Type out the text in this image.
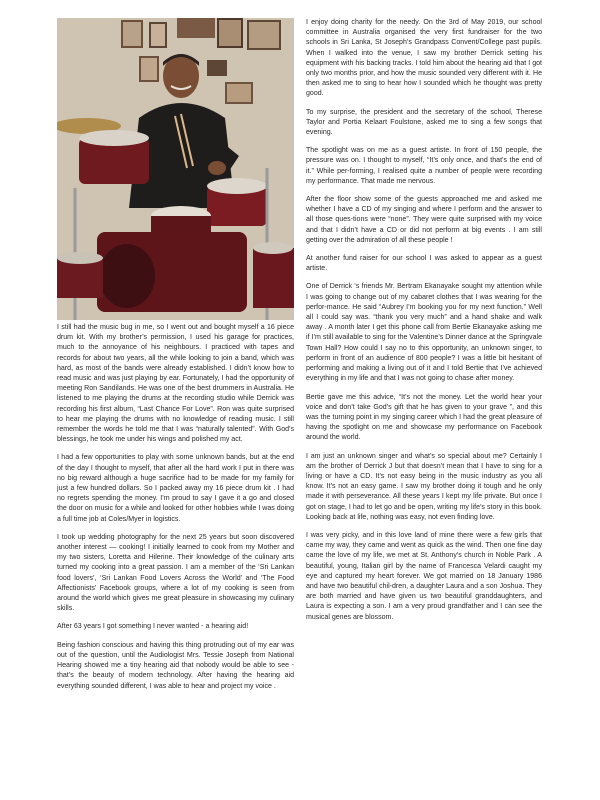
I still had the music bug in me, so I went out and bought myself a 16 piece drum kit. With my brother’s permission, I used his garage for practices, much to the annoyance of his neighbours. I practiced with tapes and records for about two years, all the while looking to join a band, which was hard, as most of the bands were already established. I didn’t know how to read music and was just playing by ear. Fortunately, I had the opportunity of meeting Ron Sandilands. He was one of the best drummers in Australia. He listened to me playing the drums at the recording studio while Derrick was recording his first album, “Last Chance For Love”. Ron was quite surprised to hear me playing the drums with no knowledge of reading music. I still remember the words he told me that I was “naturally talented”. With God’s blessings, he took me under his wings and polished my act.

I had a few opportunities to play with some unknown bands, but at the end of the day I thought to myself, that after all the hard work I put in there was no big reward although a huge sacrifice had to be made for my family for just a few hundred dollars. So I packed away my 16 piece drum kit . I had no regrets spending the money. I’m proud to say I gave it a go and closed the door on music for a while and looked for other hobbies while I was doing a full time job at Coles/Myer in logistics.

I took up wedding photography for the next 25 years but soon discovered another interest — cooking! I initially learned to cook from my Mother and my two sisters, Loretta and Hilerine. Their knowledge of the culinary arts turned my cooking into a great passion. I am a member of the ‘Sri Lankan food lovers’, ‘Sri Lankan Food Lovers Across the World’ and ‘The Food Affectionists’ Facebook groups, where a lot of my cooking is seen from around the world which gives me great pleasure in showcasing my culinary skills.

After 63 years I got something I never wanted - a hearing aid!

Being fashion conscious and having this thing protruding out of my ear was out of the question, until the Audiologist Mrs. Tessie Joseph from National Hearing showed me a tiny hearing aid that nobody would be able to see - that’s the beauty of modern technology. After having the hearing aid everything sounded different, I was able to hear and project my voice .

I enjoy doing charity for the needy. On the 3rd of May 2019, our school committee in Australia organised the very first fundraiser for the two schools in Sri Lanka, St Joseph’s Grandpass Convent/College past pupils. When I walked into the venue, I saw my brother Derrick setting his equipment with his backing tracks. I told him about the hearing aid that I got only two months prior, and how the music sounded very different with it. He then asked me to sing to hear how I sounded which he thought was pretty good.

To my surprise, the president and the secretary of the school, Therese Taylor and Portia Kelaart Foulstone, asked me to sing a few songs that evening.

The spotlight was on me as a guest artiste. In front of 150 people, the pressure was on. I thought to myself, “It’s only once, and that’s the end of it.” While per-forming, I realised quite a number of people were recording my performance. That made me nervous.

After the floor show some of the guests approached me and asked me whether I have a CD of my singing and where I perform and the answer to all those ques-tions were “none”. They were quite surprised with my voice and that I didn’t have a CD or did not perform at big events . I am still getting over the admiration of all these people !

At another fund raiser for our school I was asked to appear as a guest artiste.

One of Derrick ‘s friends Mr. Bertram Ekanayake sought my attention while I was going to change out of my cabaret clothes that I was wearing for the perfor-mance. He said “Aubrey I’m booking you for my next function.” Well all I could say was. “thank you very much” and a hand shake and walk away . A month later I get this phone call from Bertie Ekanayake asking me if I’m still available to sing for the Valentine’s Dinner dance at the Springvale Town Hall? How could I say no to this opportunity, an unknown singer, to perform in front of an audience of 800 people? I was a little bit hesitant of performing and making a living out of it and I told Bertie that I’ve achieved everything in my life and that I was not going to chase after money.

Bertie gave me this advice, “It’s not the money. Let the world hear your voice and don’t take God’s gift that he has given to your grave ”, and this was the turning point in my singing career which I had the great pleasure of having the spotlight on me and showcase my performance on Facebook around the world.

I am just an unknown singer and what’s so special about me? Certainly I am the brother of Derrick J but that doesn’t mean that I have to sing for a living or have a CD. It’s not easy being in the music industry as you all know. It’s not an easy game. I saw my brother doing it tough and he only made it with perseverance. All these years I kept my life private. But once I got on stage, I had to let go and be open, writing my life’s story in this book. Looking back at life, nothing was easy, not even finding love.

I was very picky, and in this love land of mine there were a few girls that came my way, they came and went as quick as the wind. Then one fine day came the love of my life, we met at St. Anthony’s church in Noble Park . A beautiful, young, Italian girl by the name of Francesca Velardi caught my eye and captured my heart forever. We got married on 18 January 1986 and have two beautiful chil-dren, a daughter Laura and a son Joshua. They are both married and have given us two beautiful granddaughters, and Laura is expecting a son. I am a very proud grandfather and I can see the musical genes are blossom.
